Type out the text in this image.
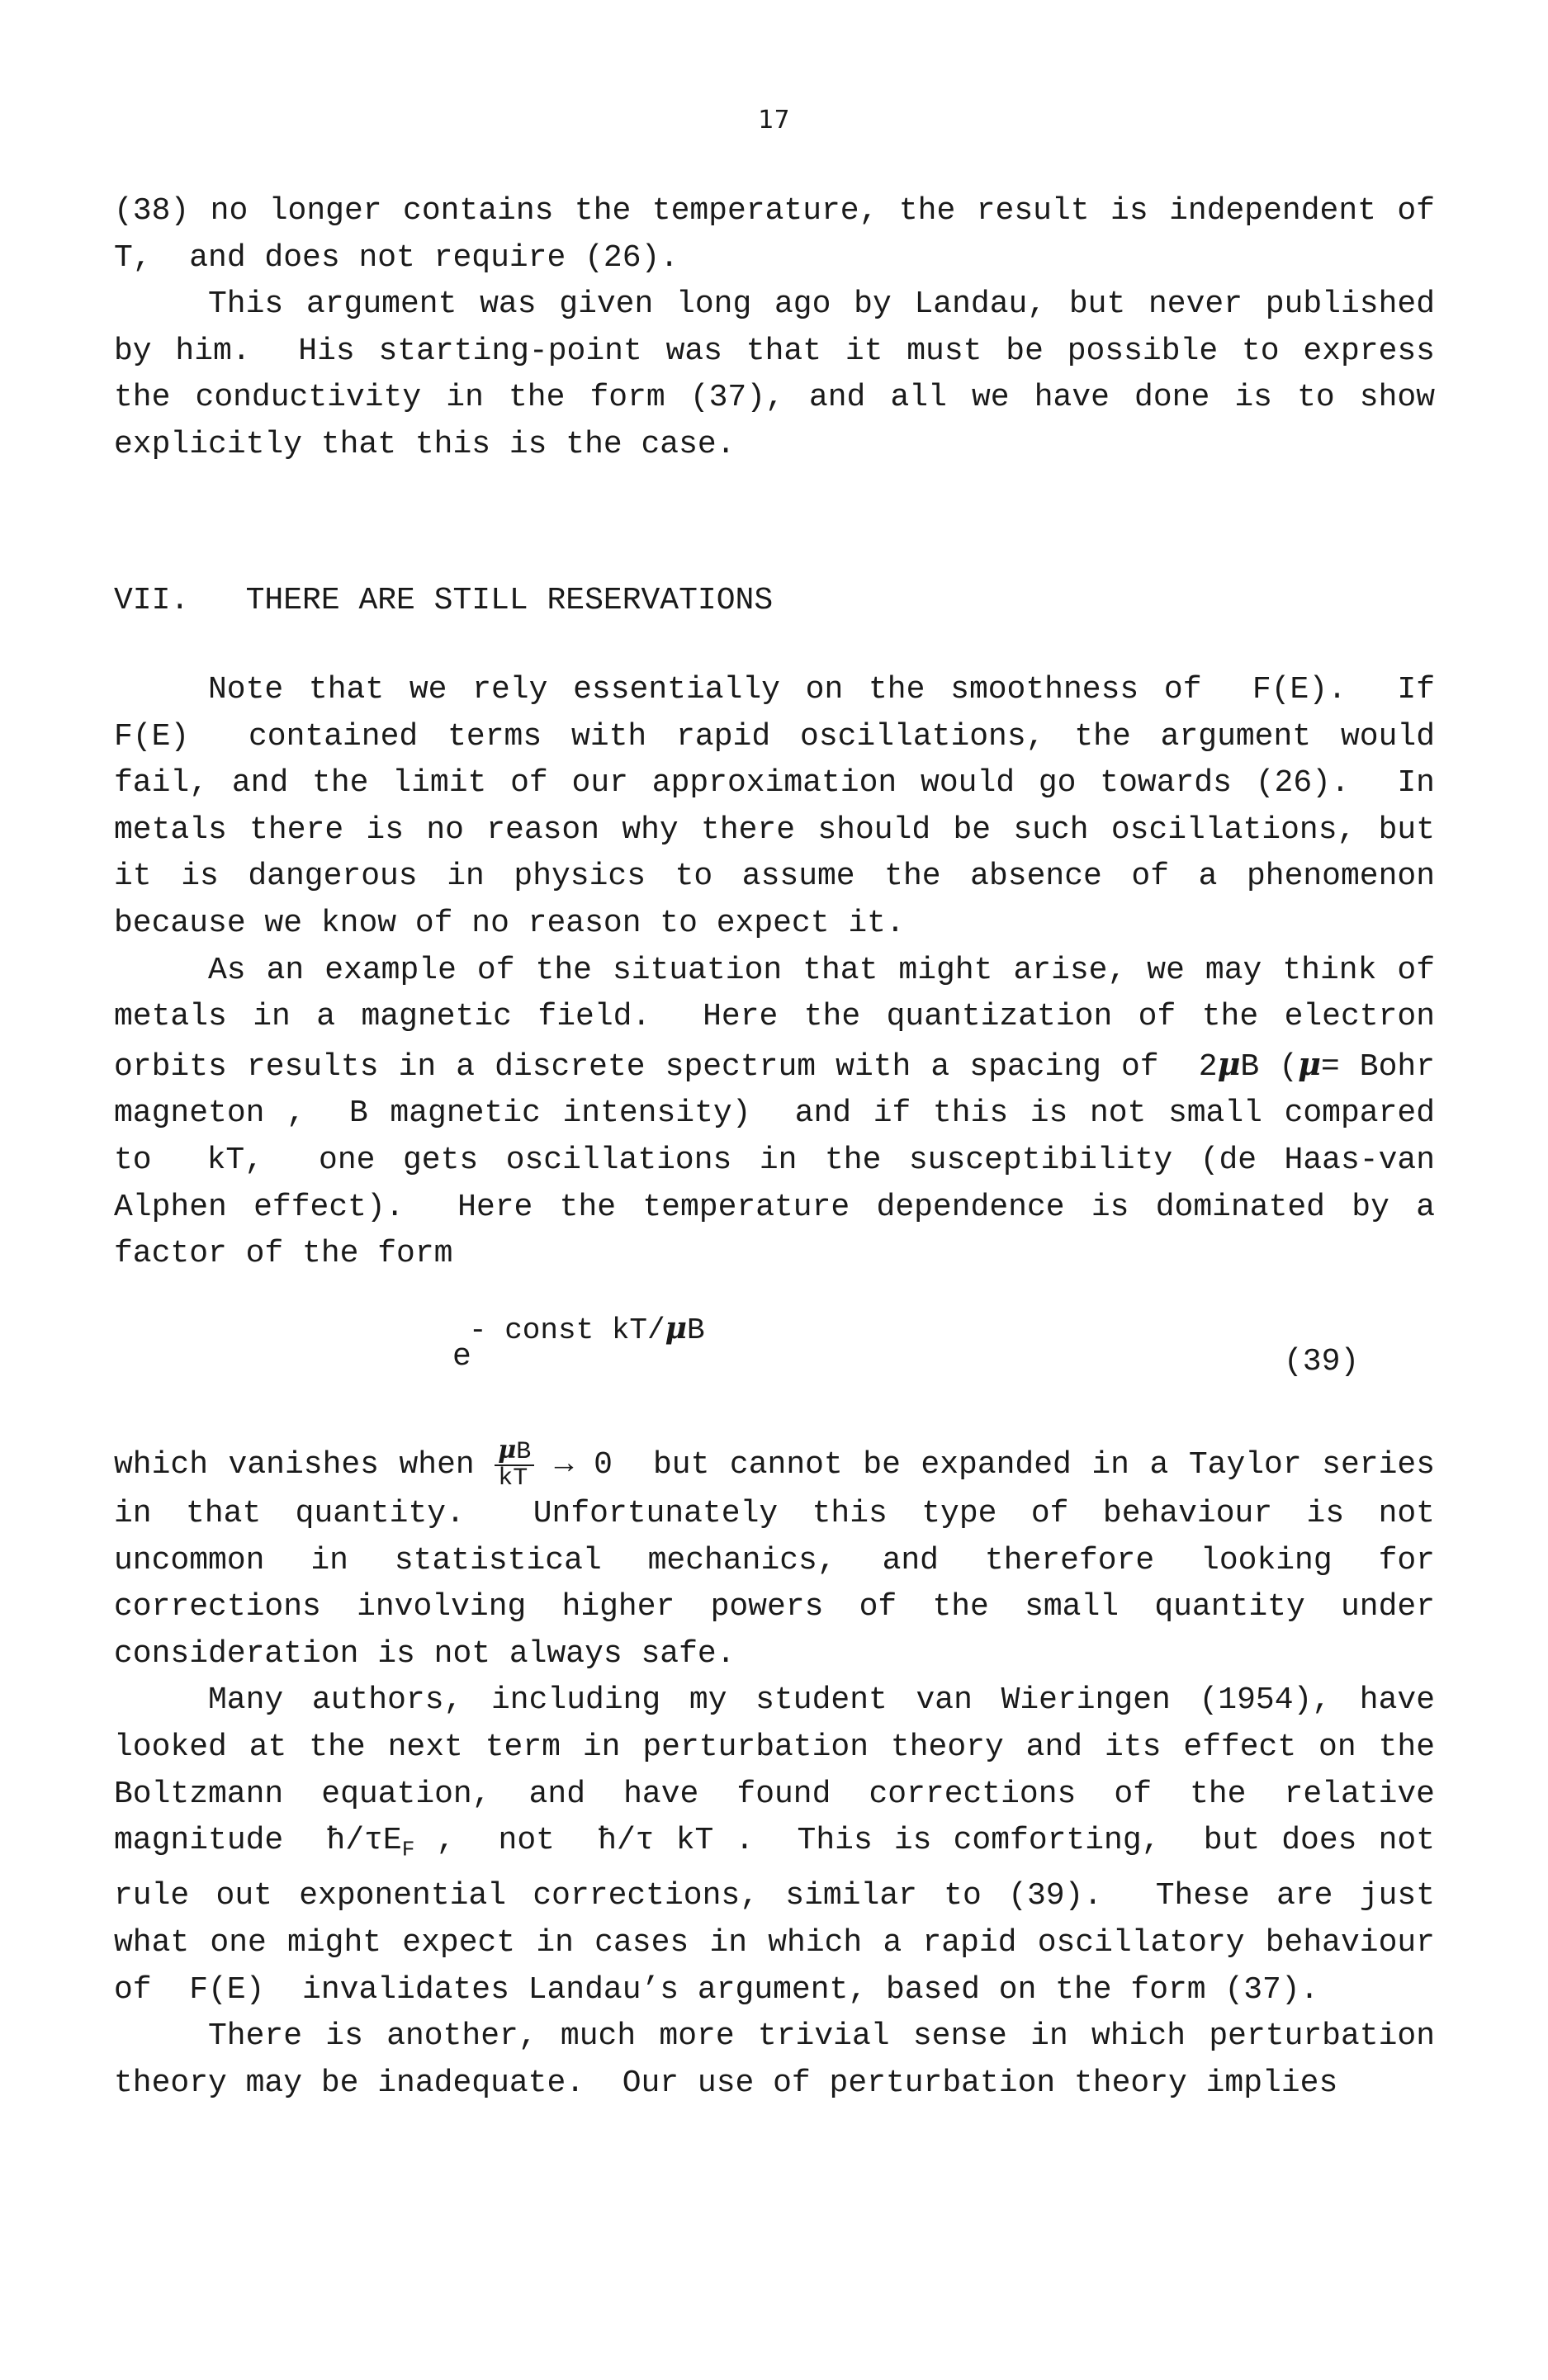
17

(38) no longer contains the temperature, the result is independent of  T,  and does not require (26).

This argument was given long ago by Landau, but never published by him.  His starting-point was that it must be possible to express the conductivity in the form (37), and all we have done is to show explicitly that this is the case.

VII.   THERE ARE STILL RESERVATIONS

Note that we rely essentially on the smoothness of  F(E).  If F(E)  contained terms with rapid oscillations, the argument would fail, and the limit of our approximation would go towards (26).  In metals there is no reason why there should be such oscillations, but it is dangerous in physics to assume the absence of a phenomenon because we know of no reason to expect it.

As an example of the situation that might arise, we may think of metals in a magnetic field.  Here the quantization of the electron orbits results in a discrete spectrum with a spacing of  2μB (μ= Bohr magneton ,  B magnetic intensity)  and if this is not small compared to  kT,  one gets oscillations in the susceptibility (de Haas-van Alphen effect).  Here the temperature dependence is dominated by a factor of the form

e
- const kT/μB
(39)

which vanishes when $\frac{\mu B}{kT} \to 0$  but cannot be expanded in a Taylor series in that quantity.  Unfortunately this type of behaviour is not uncommon in statistical mechanics, and therefore looking for corrections involving higher powers of the small quantity under consideration is not always safe.

Many authors, including my student van Wieringen (1954), have looked at the next term in perturbation theory and its effect on the Boltzmann equation, and have found corrections of the relative magnitude  $ħ/\tau E_F$ ,  not  ħ/τ kT .  This is comforting,  but does not rule out exponential corrections, similar to (39).  These are just what one might expect in cases in which a rapid oscillatory behaviour of  F(E)  invalidates Landau’s argument, based on the form (37).

There is another, much more trivial sense in which perturbation theory may be inadequate.  Our use of perturbation theory implies
